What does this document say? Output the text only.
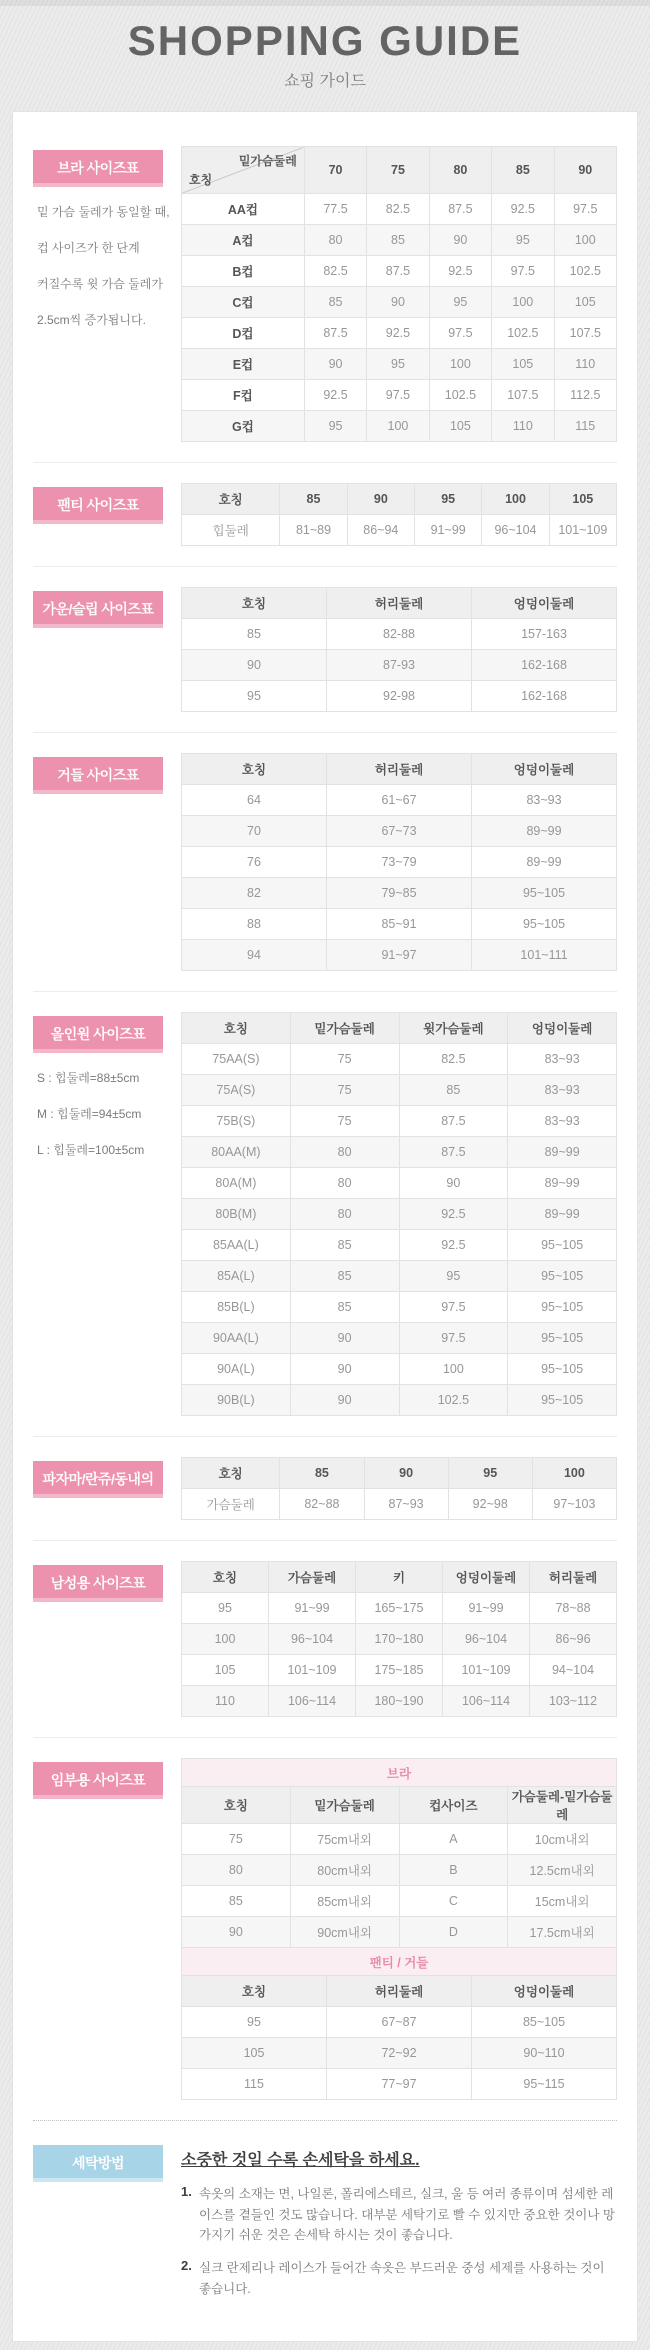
SHOPPING GUIDE
쇼핑 가이드
브라 사이즈표
밑 가슴 둘레가 동일할 때,
컵 사이즈가 한 단계
커질수록 윗 가슴 둘레가
2.5cm씩 증가됩니다.
밑가슴둘레
호칭	70	75	80	85	90
AA컵	77.5	82.5	87.5	92.5	97.5
A컵	80	85	90	95	100
B컵	82.5	87.5	92.5	97.5	102.5
C컵	85	90	95	100	105
D컵	87.5	92.5	97.5	102.5	107.5
E컵	90	95	100	105	110
F컵	92.5	97.5	102.5	107.5	112.5
G컵	95	100	105	110	115
팬티 사이즈표	호칭	85	90	95	100	105
힙둘레	81~89	86~94	91~99	96~104	101~109
가운/슬립 사이즈표	호칭	허리둘레	엉덩이둘레
85	82-88	157-163
90	87-93	162-168
95	92-98	162-168
거들 사이즈표	호칭	허리둘레	엉덩이둘레
64	61~67	83~93
70	67~73	89~99
76	73~79	89~99
82	79~85	95~105
88	85~91	95~105
94	91~97	101~111
올인원 사이즈표
S : 힙둘레=88±5cm
M : 힙둘레=94±5cm
L : 힙둘레=100±5cm
호칭	밑가슴둘레	윗가슴둘레	엉덩이둘레
75AA(S)	75	82.5	83~93
75A(S)	75	85	83~93
75B(S)	75	87.5	83~93
80AA(M)	80	87.5	89~99
80A(M)	80	90	89~99
80B(M)	80	92.5	89~99
85AA(L)	85	92.5	95~105
85A(L)	85	95	95~105
85B(L)	85	97.5	95~105
90AA(L)	90	97.5	95~105
90A(L)	90	100	95~105
90B(L)	90	102.5	95~105
파자마/란쥬/동내의	호칭	85	90	95	100
가슴둘레	82~88	87~93	92~98	97~103
남성용 사이즈표	호칭	가슴둘레	키	엉덩이둘레	허리둘레
95	91~99	165~175	91~99	78~88
100	96~104	170~180	96~104	86~96
105	101~109	175~185	101~109	94~104
110	106~114	180~190	106~114	103~112
임부용 사이즈표	브라			
호칭	밑가슴둘레	컵사이즈	가슴둘레-밑가슴둘레
75	75cm내외	A	10cm내외
80	80cm내외	B	12.5cm내외
85	85cm내외	C	15cm내외
90	90cm내외	D	17.5cm내외
팬티 / 거들		
호칭	허리둘레	엉덩이둘레
95	67~87	85~105
105	72~92	90~110
115	77~97	95~115
세탁방법	소중한 것일 수록 손세탁을 하세요.
1. 속옷의 소재는 면, 나일론, 폴리에스테르, 실크, 울 등 여러 종류이며 섬세한 레이스를 곁들인 것도 많습니다. 대부분 세탁기로 빨 수 있지만 중요한 것이나 망가지기 쉬운 것은 손세탁 하시는 것이 좋습니다.
2. 실크 란제리나 레이스가 들어간 속옷은 부드러운 중성 세제를 사용하는 것이 좋습니다.
